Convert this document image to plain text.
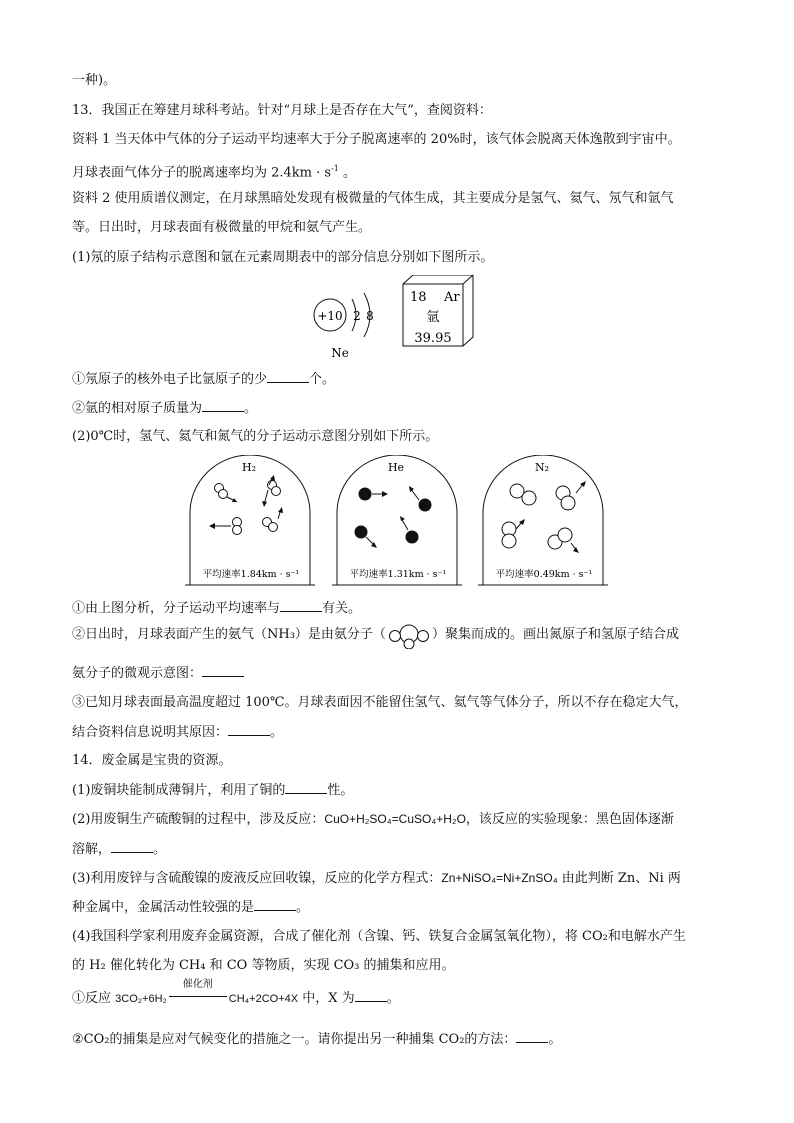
一种)。
13．我国正在筹建月球科考站。针对“月球上是否存在大气”，查阅资料：
资料 1 当天体中气体的分子运动平均速率大于分子脱离速率的 20%时，该气体会脱离天体逸散到宇宙中。
月球表面气体分子的脱离速率均为 $2.4km \cdot s^{-1}$ 。
资料 2 使用质谱仪测定，在月球黑暗处发现有极微量的气体生成，其主要成分是氢气、氦气、氖气和氩气
等。日出时，月球表面有极微量的甲烷和氨气产生。
(1)氖的原子结构示意图和氩在元素周期表中的部分信息分别如下图所示。
+10 2 8
Ne
18 Ar
氩
39.95
①氖原子的核外电子比氩原子的少	个。
②氩的相对原子质量为	。
(2)0℃时，氢气、氦气和氮气的分子运动示意图分别如下所示。
H₂
平均速率1.84km · s⁻¹
He
平均速率1.31km · s⁻¹
N₂
平均速率0.49km · s⁻¹
①由上图分析，分子运动平均速率与	有关。
②日出时，月球表面产生的氨气（NH₃）是由氨分子（	）聚集而成的。画出氮原子和氢原子结合成
氨分子的微观示意图：
③已知月球表面最高温度超过 100℃。月球表面因不能留住氢气、氦气等气体分子，所以不存在稳定大气，
结合资料信息说明其原因：	。
14．废金属是宝贵的资源。
(1)废铜块能制成薄铜片，利用了铜的	性。
(2)用废铜生产硫酸铜的过程中，涉及反应：CuO+H₂SO₄=CuSO₄+H₂O，该反应的实验现象：黑色固体逐渐
溶解，	。
(3)利用废锌与含硫酸镍的废液反应回收镍，反应的化学方程式：Zn+NiSO₄=Ni+ZnSO₄ 由此判断 Zn、Ni 两
种金属中，金属活动性较强的是	。
(4)我国科学家利用废弃金属资源，合成了催化剂（含镍、钙、铁复合金属氢氧化物），将 CO₂和电解水产生
的 H₂ 催化转化为 CH₄ 和 CO 等物质，实现 CO₃ 的捕集和应用。
①反应 3CO₂+6H₂
催化剂
CH₄+2CO+4X 中，X 为 。
②CO₂的捕集是应对气候变化的措施之一。请你提出另一种捕集 CO₂的方法： 。
